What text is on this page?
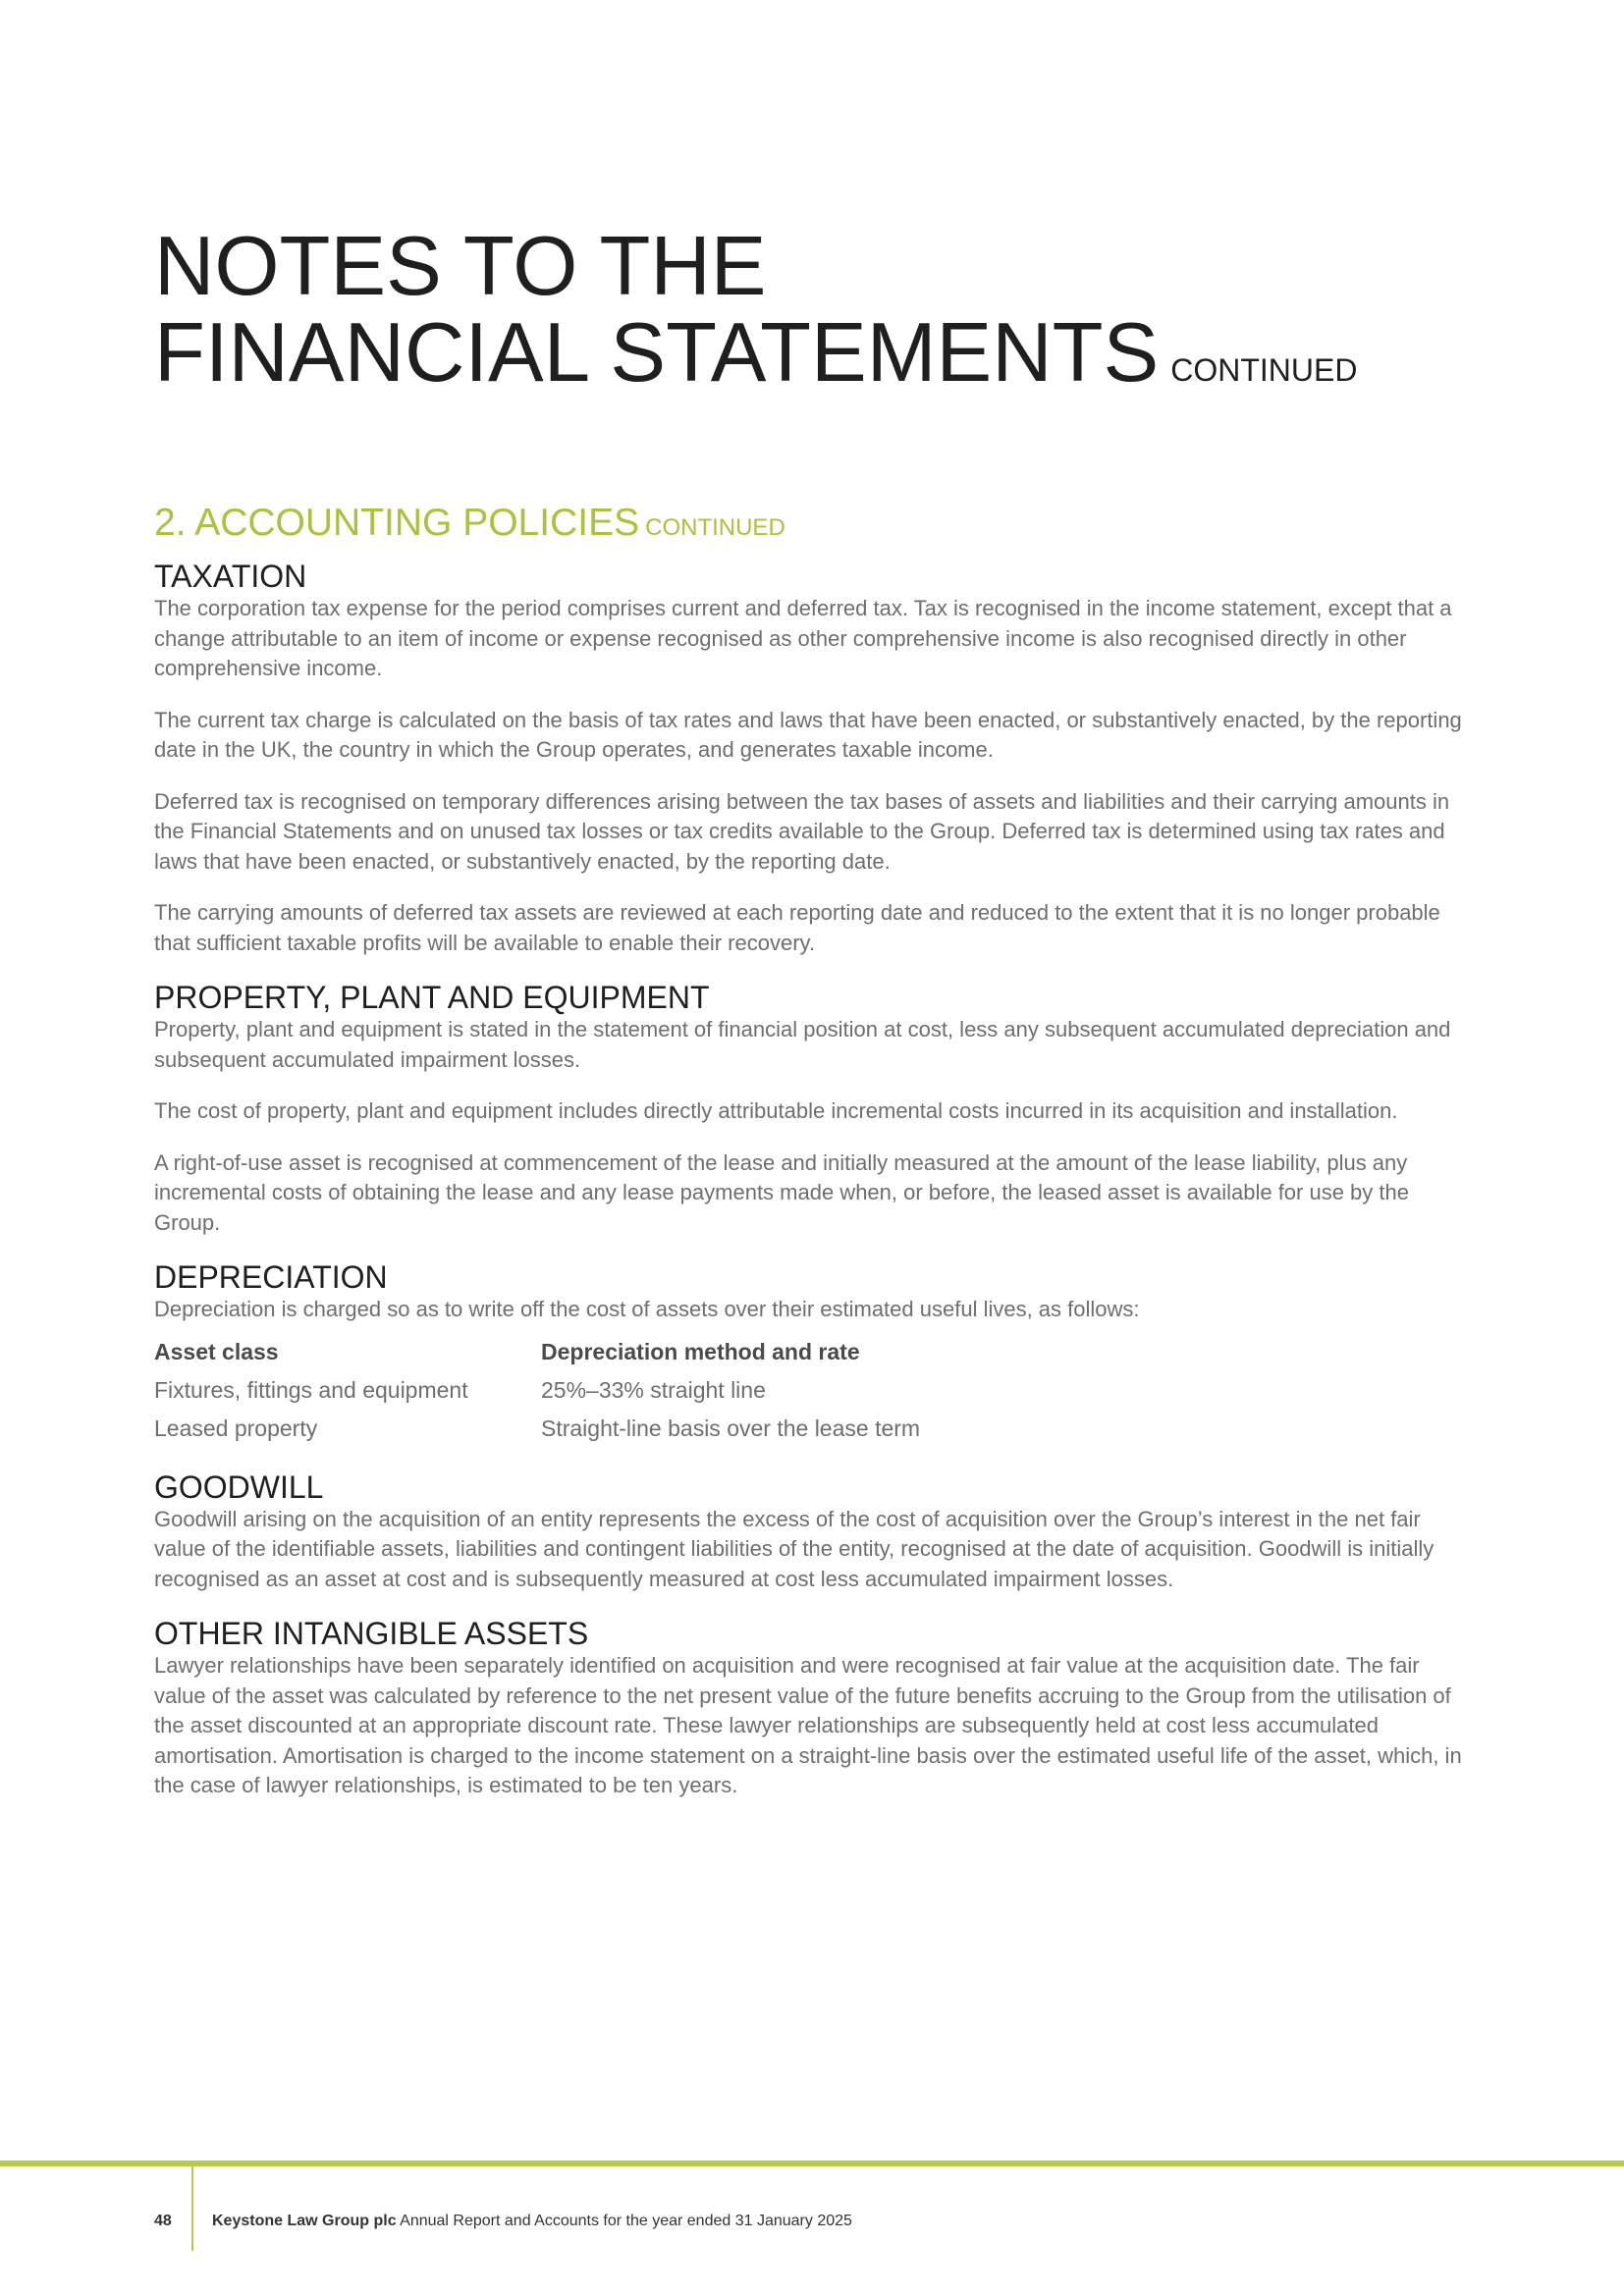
NOTES TO THE
FINANCIAL STATEMENTS CONTINUED
2. ACCOUNTING POLICIES CONTINUED
TAXATION

The corporation tax expense for the period comprises current and deferred tax. Tax is recognised in the income statement, except that a change attributable to an item of income or expense recognised as other comprehensive income is also recognised directly in other comprehensive income.

The current tax charge is calculated on the basis of tax rates and laws that have been enacted, or substantively enacted, by the reporting date in the UK, the country in which the Group operates, and generates taxable income.

Deferred tax is recognised on temporary differences arising between the tax bases of assets and liabilities and their carrying amounts in the Financial Statements and on unused tax losses or tax credits available to the Group. Deferred tax is determined using tax rates and laws that have been enacted, or substantively enacted, by the reporting date.

The carrying amounts of deferred tax assets are reviewed at each reporting date and reduced to the extent that it is no longer probable that sufficient taxable profits will be available to enable their recovery.

PROPERTY, PLANT AND EQUIPMENT

Property, plant and equipment is stated in the statement of financial position at cost, less any subsequent accumulated depreciation and subsequent accumulated impairment losses.

The cost of property, plant and equipment includes directly attributable incremental costs incurred in its acquisition and installation.

A right-of-use asset is recognised at commencement of the lease and initially measured at the amount of the lease liability, plus any incremental costs of obtaining the lease and any lease payments made when, or before, the leased asset is available for use by the Group.

DEPRECIATION

Depreciation is charged so as to write off the cost of assets over their estimated useful lives, as follows:

Asset class	Depreciation method and rate
Fixtures, fittings and equipment	25%–33% straight line
Leased property	Straight-line basis over the lease term
GOODWILL

Goodwill arising on the acquisition of an entity represents the excess of the cost of acquisition over the Group’s interest in the net fair value of the identifiable assets, liabilities and contingent liabilities of the entity, recognised at the date of acquisition. Goodwill is initially recognised as an asset at cost and is subsequently measured at cost less accumulated impairment losses.

OTHER INTANGIBLE ASSETS

Lawyer relationships have been separately identified on acquisition and were recognised at fair value at the acquisition date. The fair value of the asset was calculated by reference to the net present value of the future benefits accruing to the Group from the utilisation of the asset discounted at an appropriate discount rate. These lawyer relationships are subsequently held at cost less accumulated amortisation. Amortisation is charged to the income statement on a straight-line basis over the estimated useful life of the asset, which, in the case of lawyer relationships, is estimated to be ten years.

48	Keystone Law Group plc Annual Report and Accounts for the year ended 31 January 2025
